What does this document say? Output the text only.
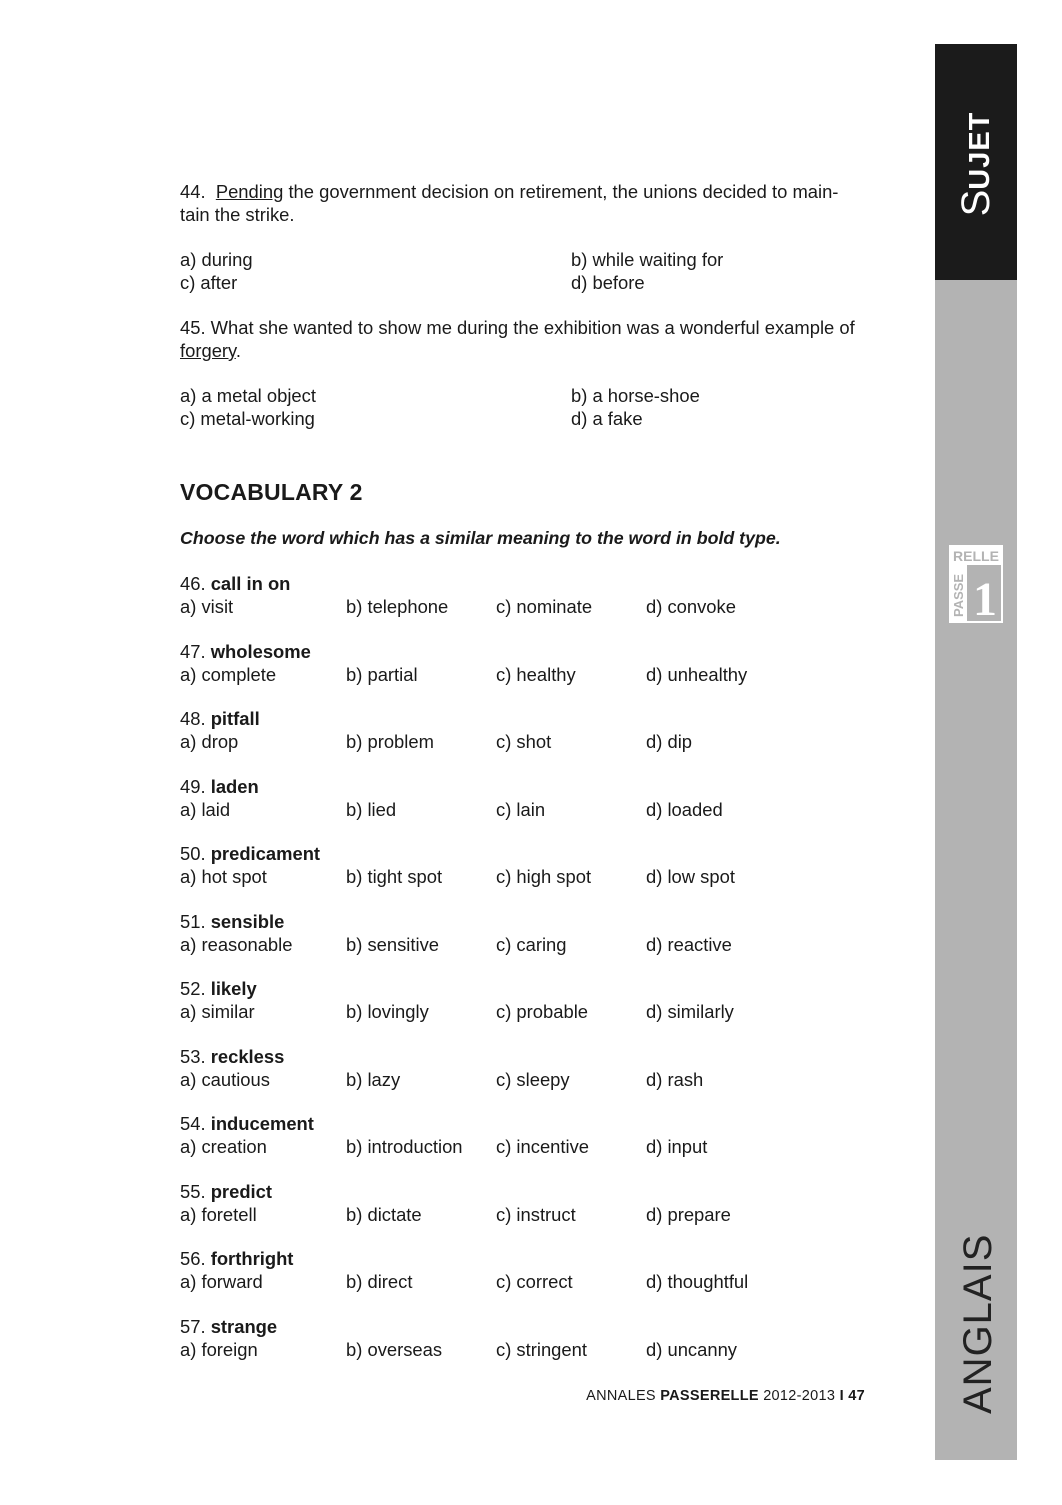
44. Pending the government decision on retirement, the unions decided to main-tain the strike.

a) during	b) while waiting for
c) after	d) before

45. What she wanted to show me during the exhibition was a wonderful example of forgery.

a) a metal object	b) a horse-shoe
c) metal-working	d) a fake
VOCABULARY 2
Choose the word which has a similar meaning to the word in bold type.
46. call in on
a) visit	b) telephone	c) nominate	d) convoke
47. wholesome
a) complete	b) partial	c) healthy	d) unhealthy
48. pitfall
a) drop	b) problem	c) shot	d) dip
49. laden
a) laid	b) lied	c) lain	d) loaded
50. predicament
a) hot spot	b) tight spot	c) high spot	d) low spot
51. sensible
a) reasonable	b) sensitive	c) caring	d) reactive
52. likely
a) similar	b) lovingly	c) probable	d) similarly
53. reckless
a) cautious	b) lazy	c) sleepy	d) rash
54. inducement
a) creation	b) introduction	c) incentive	d) input
55. predict
a) foretell	b) dictate	c) instruct	d) prepare
56. forthright
a) forward	b) direct	c) correct	d) thoughtful
57. strange
a) foreign	b) overseas	c) stringent	d) uncanny
ANNALES PASSERELLE 2012-2013 I 47
SUJET
ANGLAIS
RELLE
PASSE 1
